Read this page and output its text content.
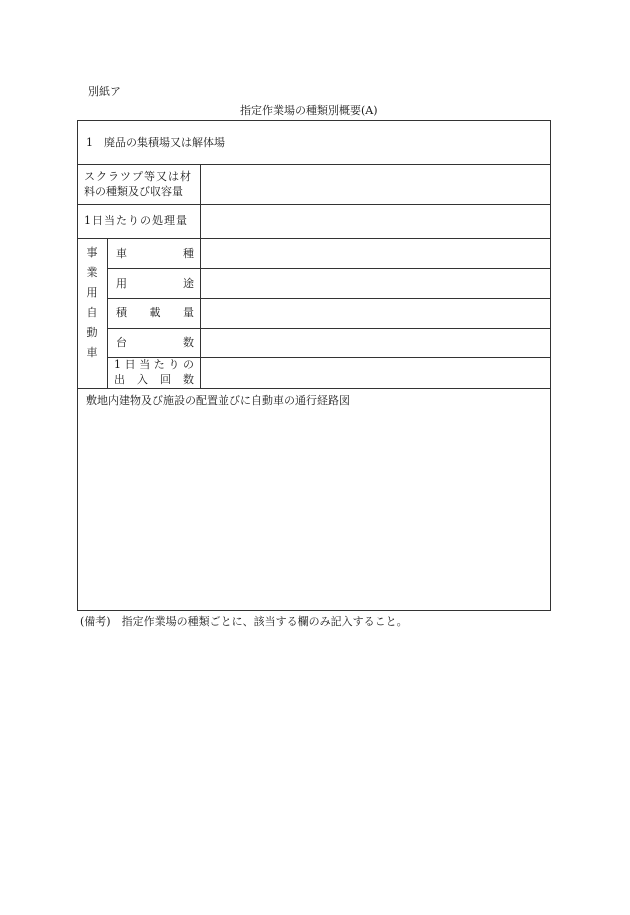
別紙ア
指定作業場の種類別概要(A)
1　廃品の集積場又は解体場
スクラツプ等又は材
料の種類及び収容量
1日当たりの処理量
事
業
用
自
動
車
車	種
用	途
積 載 量
台	数
1 日 当 た り の
出 入 回 数
敷地内建物及び施設の配置並びに自動車の通行経路図
(備考)　指定作業場の種類ごとに、該当する欄のみ記入すること。
